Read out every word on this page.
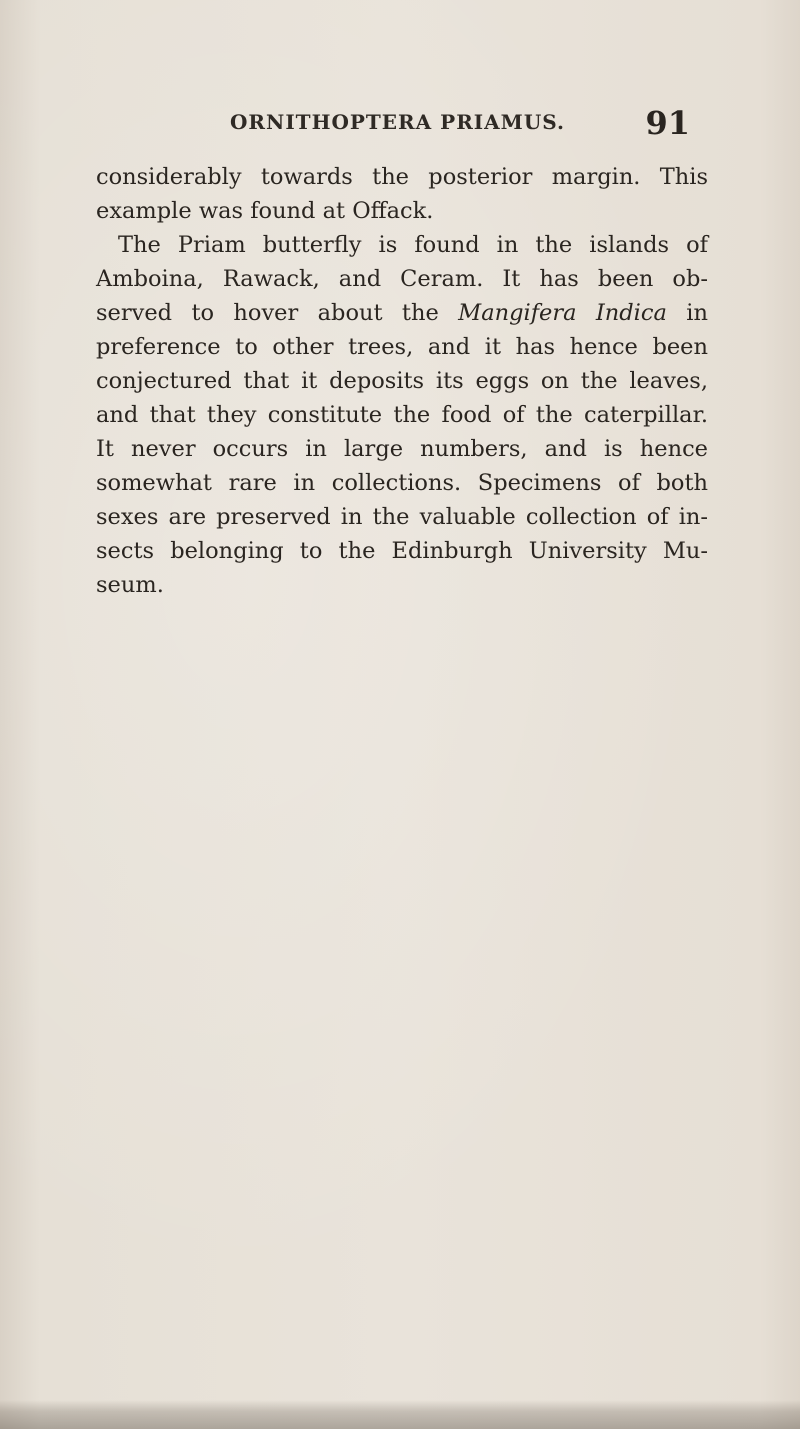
ORNITHOPTERA PRIAMUS.	91
considerably towards the posterior margin. This
example was found at Offack.
The Priam butterfly is found in the islands of
Amboina, Rawack, and Ceram. It has been ob-
served to hover about the Mangifera Indica in
preference to other trees, and it has hence been
conjectured that it deposits its eggs on the leaves,
and that they constitute the food of the caterpillar.
It never occurs in large numbers, and is hence
somewhat rare in collections. Specimens of both
sexes are preserved in the valuable collection of in-
sects belonging to the Edinburgh University Mu-
seum.
